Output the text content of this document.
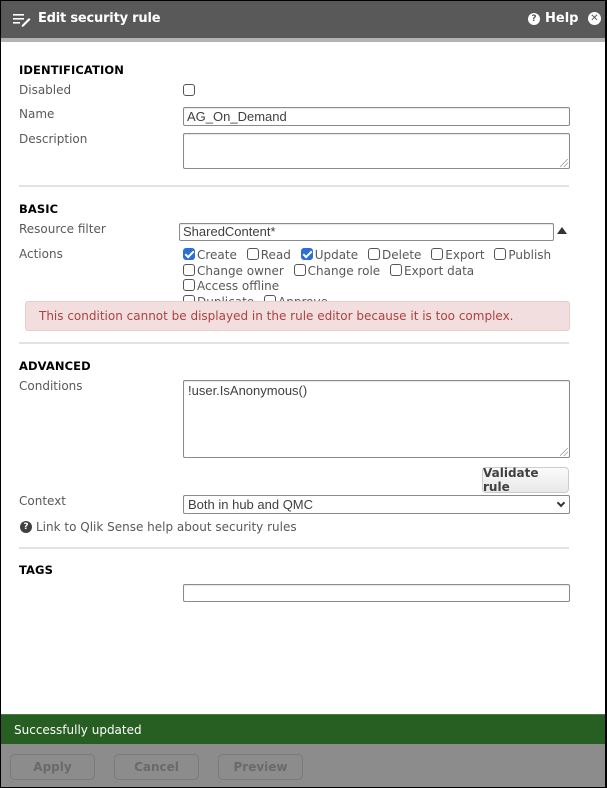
Edit security rule	? Help ✕
IDENTIFICATION
Disabled
Name	AG_On_Demand
Description
BASIC
Resource filter	SharedContent*
Actions	Create Read Update Delete Export Publish
Change owner Change role Export data Access offline

This condition cannot be displayed in the rule editor because it is too complex.
ADVANCED
Conditions	!user.IsAnonymous()
Validate rule
Context	Both in hub and QMC
? Link to Qlik Sense help about security rules
TAGS
Successfully updated
Apply	Cancel	Preview
